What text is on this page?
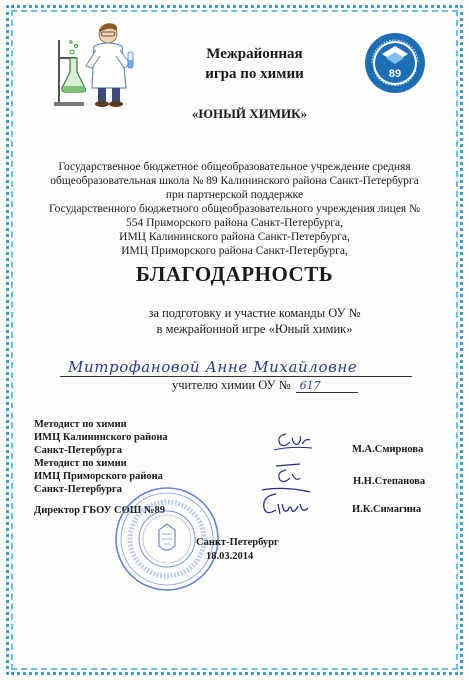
89
Межрайонная
игра по химии
«ЮНЫЙ ХИМИК»
Государственное бюджетное общеобразовательное учреждение средняя
общеобразовательная школа № 89 Калининского района Санкт-Петербурга
при партнерской поддержке
Государственного бюджетного общеобразовательного учреждения лицея №
554 Приморского района Санкт-Петербурга,
ИМЦ Калининского района Санкт-Петербурга,
ИМЦ Приморского района Санкт-Петербурга,
БЛАГОДАРНОСТЬ
за подготовку и участие команды ОУ №
в межрайонной игре «Юный химик»
Митрофановой Анне Михайловне
учителю химии ОУ № 617
Методист по химии
ИМЦ Калининского района
Санкт-Петербурга	М.А.Смирнова
Методист по химии
ИМЦ Приморского района
Санкт-Петербурга
Н.Н.Степанова
Директор ГБОУ СОШ №89	И.К.Симагина
Санкт-Петербург
18.03.2014
